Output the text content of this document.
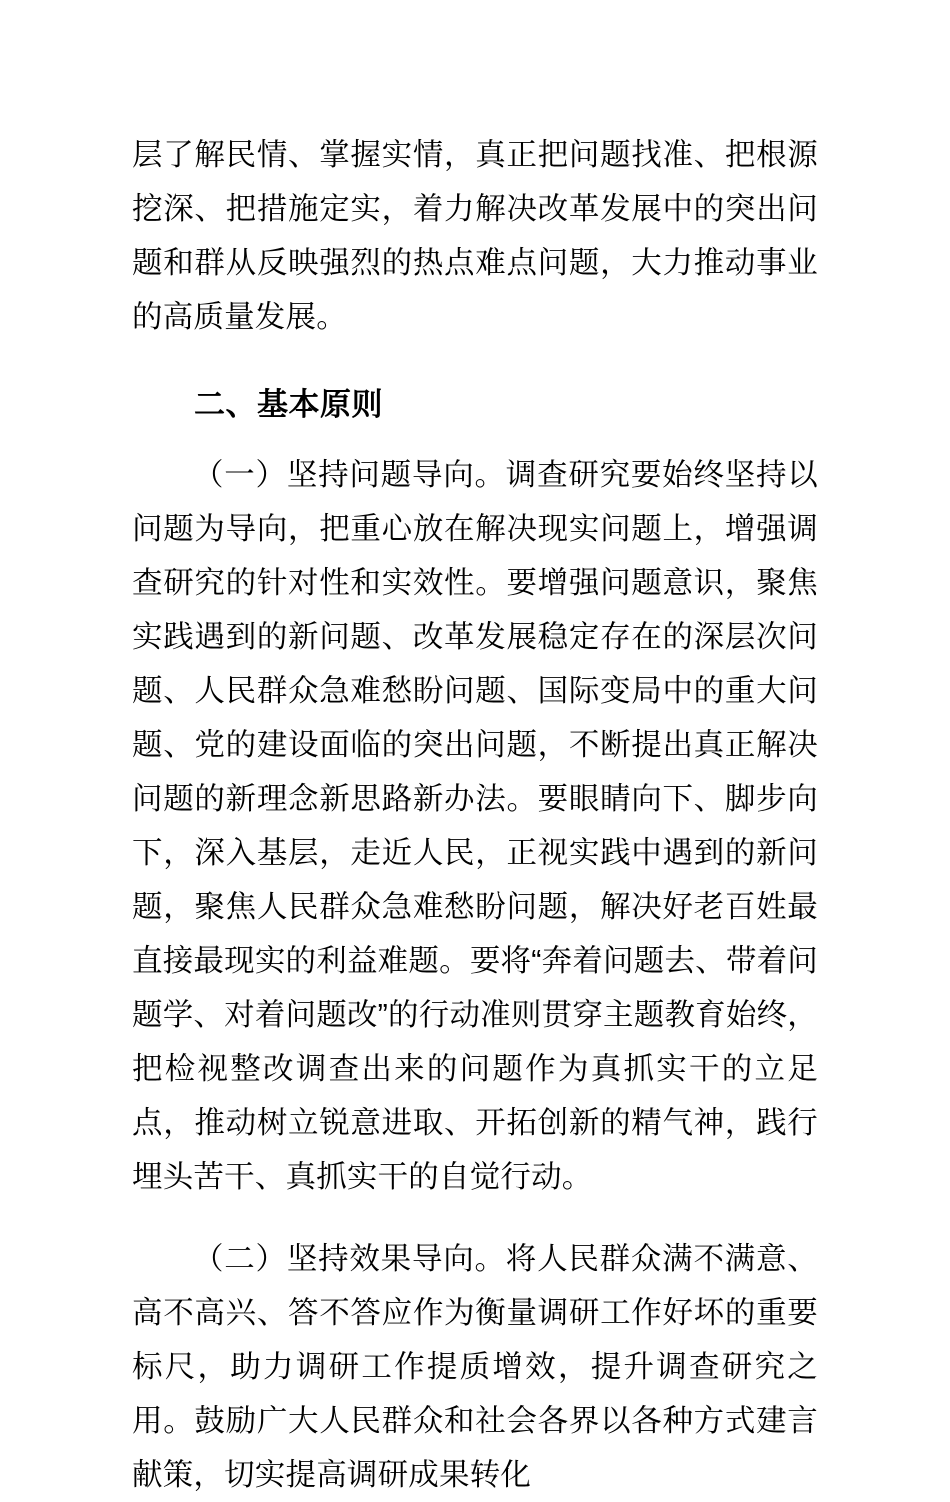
层了解民情、掌握实情，真正把问题找准、把根源挖深、把措施定实，着力解决改革发展中的突出问题和群从反映强烈的热点难点问题，大力推动事业的高质量发展。

二、基本原则

（一）坚持问题导向。调查研究要始终坚持以问题为导向，把重心放在解决现实问题上，增强调查研究的针对性和实效性。要增强问题意识，聚焦实践遇到的新问题、改革发展稳定存在的深层次问题、人民群众急难愁盼问题、国际变局中的重大问题、党的建设面临的突出问题，不断提出真正解决问题的新理念新思路新办法。要眼睛向下、脚步向下，深入基层，走近人民，正视实践中遇到的新问题，聚焦人民群众急难愁盼问题，解决好老百姓最直接最现实的利益难题。要将“奔着问题去、带着问题学、对着问题改”的行动准则贯穿主题教育始终，把检视整改调查出来的问题作为真抓实干的立足点，推动树立锐意进取、开拓创新的精气神，践行埋头苦干、真抓实干的自觉行动。

（二）坚持效果导向。将人民群众满不满意、高不高兴、答不答应作为衡量调研工作好坏的重要标尺，助力调研工作提质增效，提升调查研究之用。鼓励广大人民群众和社会各界以各种方式建言献策，切实提高调研成果转化
